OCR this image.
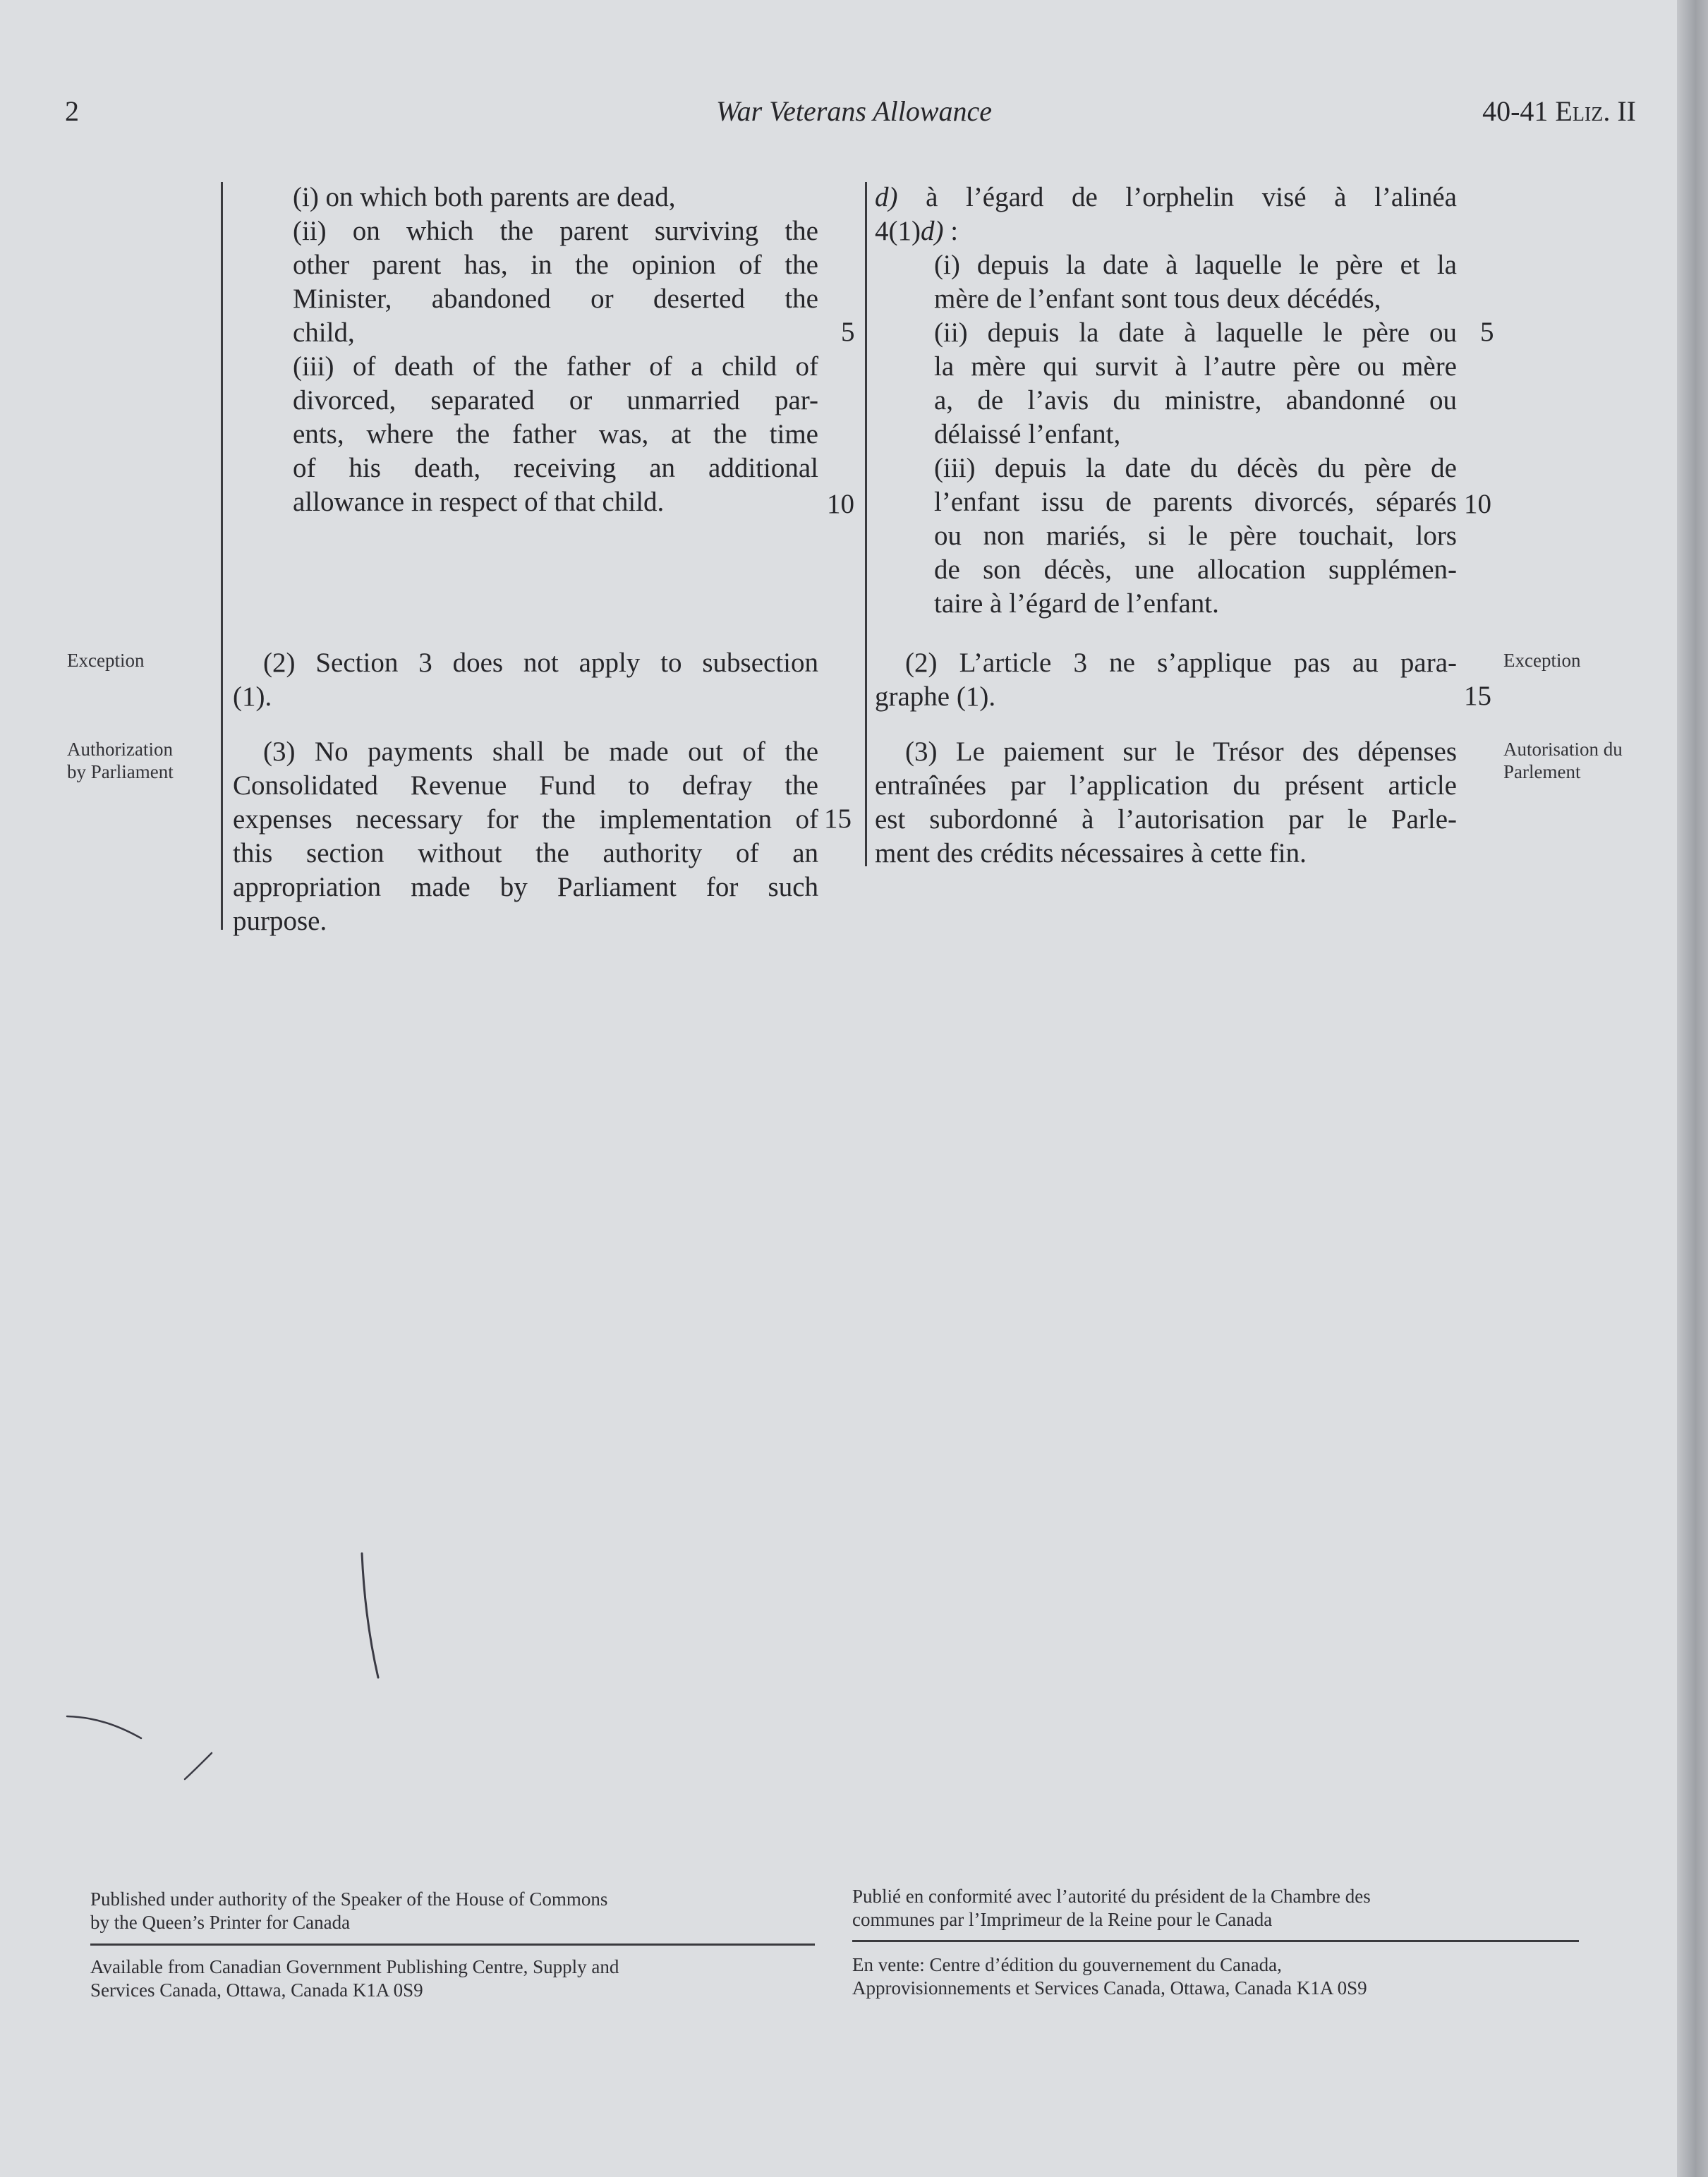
2	War Veterans Allowance	40-41 Eliz. II
(i) on which both parents are dead,
(ii) on which the parent surviving the
other parent has, in the opinion of the
Minister, abandoned or deserted the
child,
(iii) of death of the father of a child of
divorced, separated or unmarried par-
ents, where the father was, at the time
of his death, receiving an additional
allowance in respect of that child.
(2) Section 3 does not apply to subsection
(1).
(3) No payments shall be made out of the
Consolidated Revenue Fund to defray the
expenses necessary for the implementation of
this section without the authority of an
appropriation made by Parliament for such
purpose.
5
10
15
d) à l’égard de l’orphelin visé à l’alinéa
4(1)d) :
(i) depuis la date à laquelle le père et la
mère de l’enfant sont tous deux décédés,
(ii) depuis la date à laquelle le père ou
la mère qui survit à l’autre père ou mère
a, de l’avis du ministre, abandonné ou
délaissé l’enfant,
(iii) depuis la date du décès du père de
l’enfant issu de parents divorcés, séparés
ou non mariés, si le père touchait, lors
de son décès, une allocation supplémen-
taire à l’égard de l’enfant.
(2) L’article 3 ne s’applique pas au para-
graphe (1).
(3) Le paiement sur le Trésor des dépenses
entraînées par l’application du présent article
est subordonné à l’autorisation par le Parle-
ment des crédits nécessaires à cette fin.
5
10
15
Exception
Authorization
by Parliament
Exception
Autorisation du
Parlement
Published under authority of the Speaker of the House of Commons
by the Queen’s Printer for Canada
Available from Canadian Government Publishing Centre, Supply and
Services Canada, Ottawa, Canada K1A 0S9
Publié en conformité avec l’autorité du président de la Chambre des
communes par l’Imprimeur de la Reine pour le Canada
En vente: Centre d’édition du gouvernement du Canada,
Approvisionnements et Services Canada, Ottawa, Canada K1A 0S9
